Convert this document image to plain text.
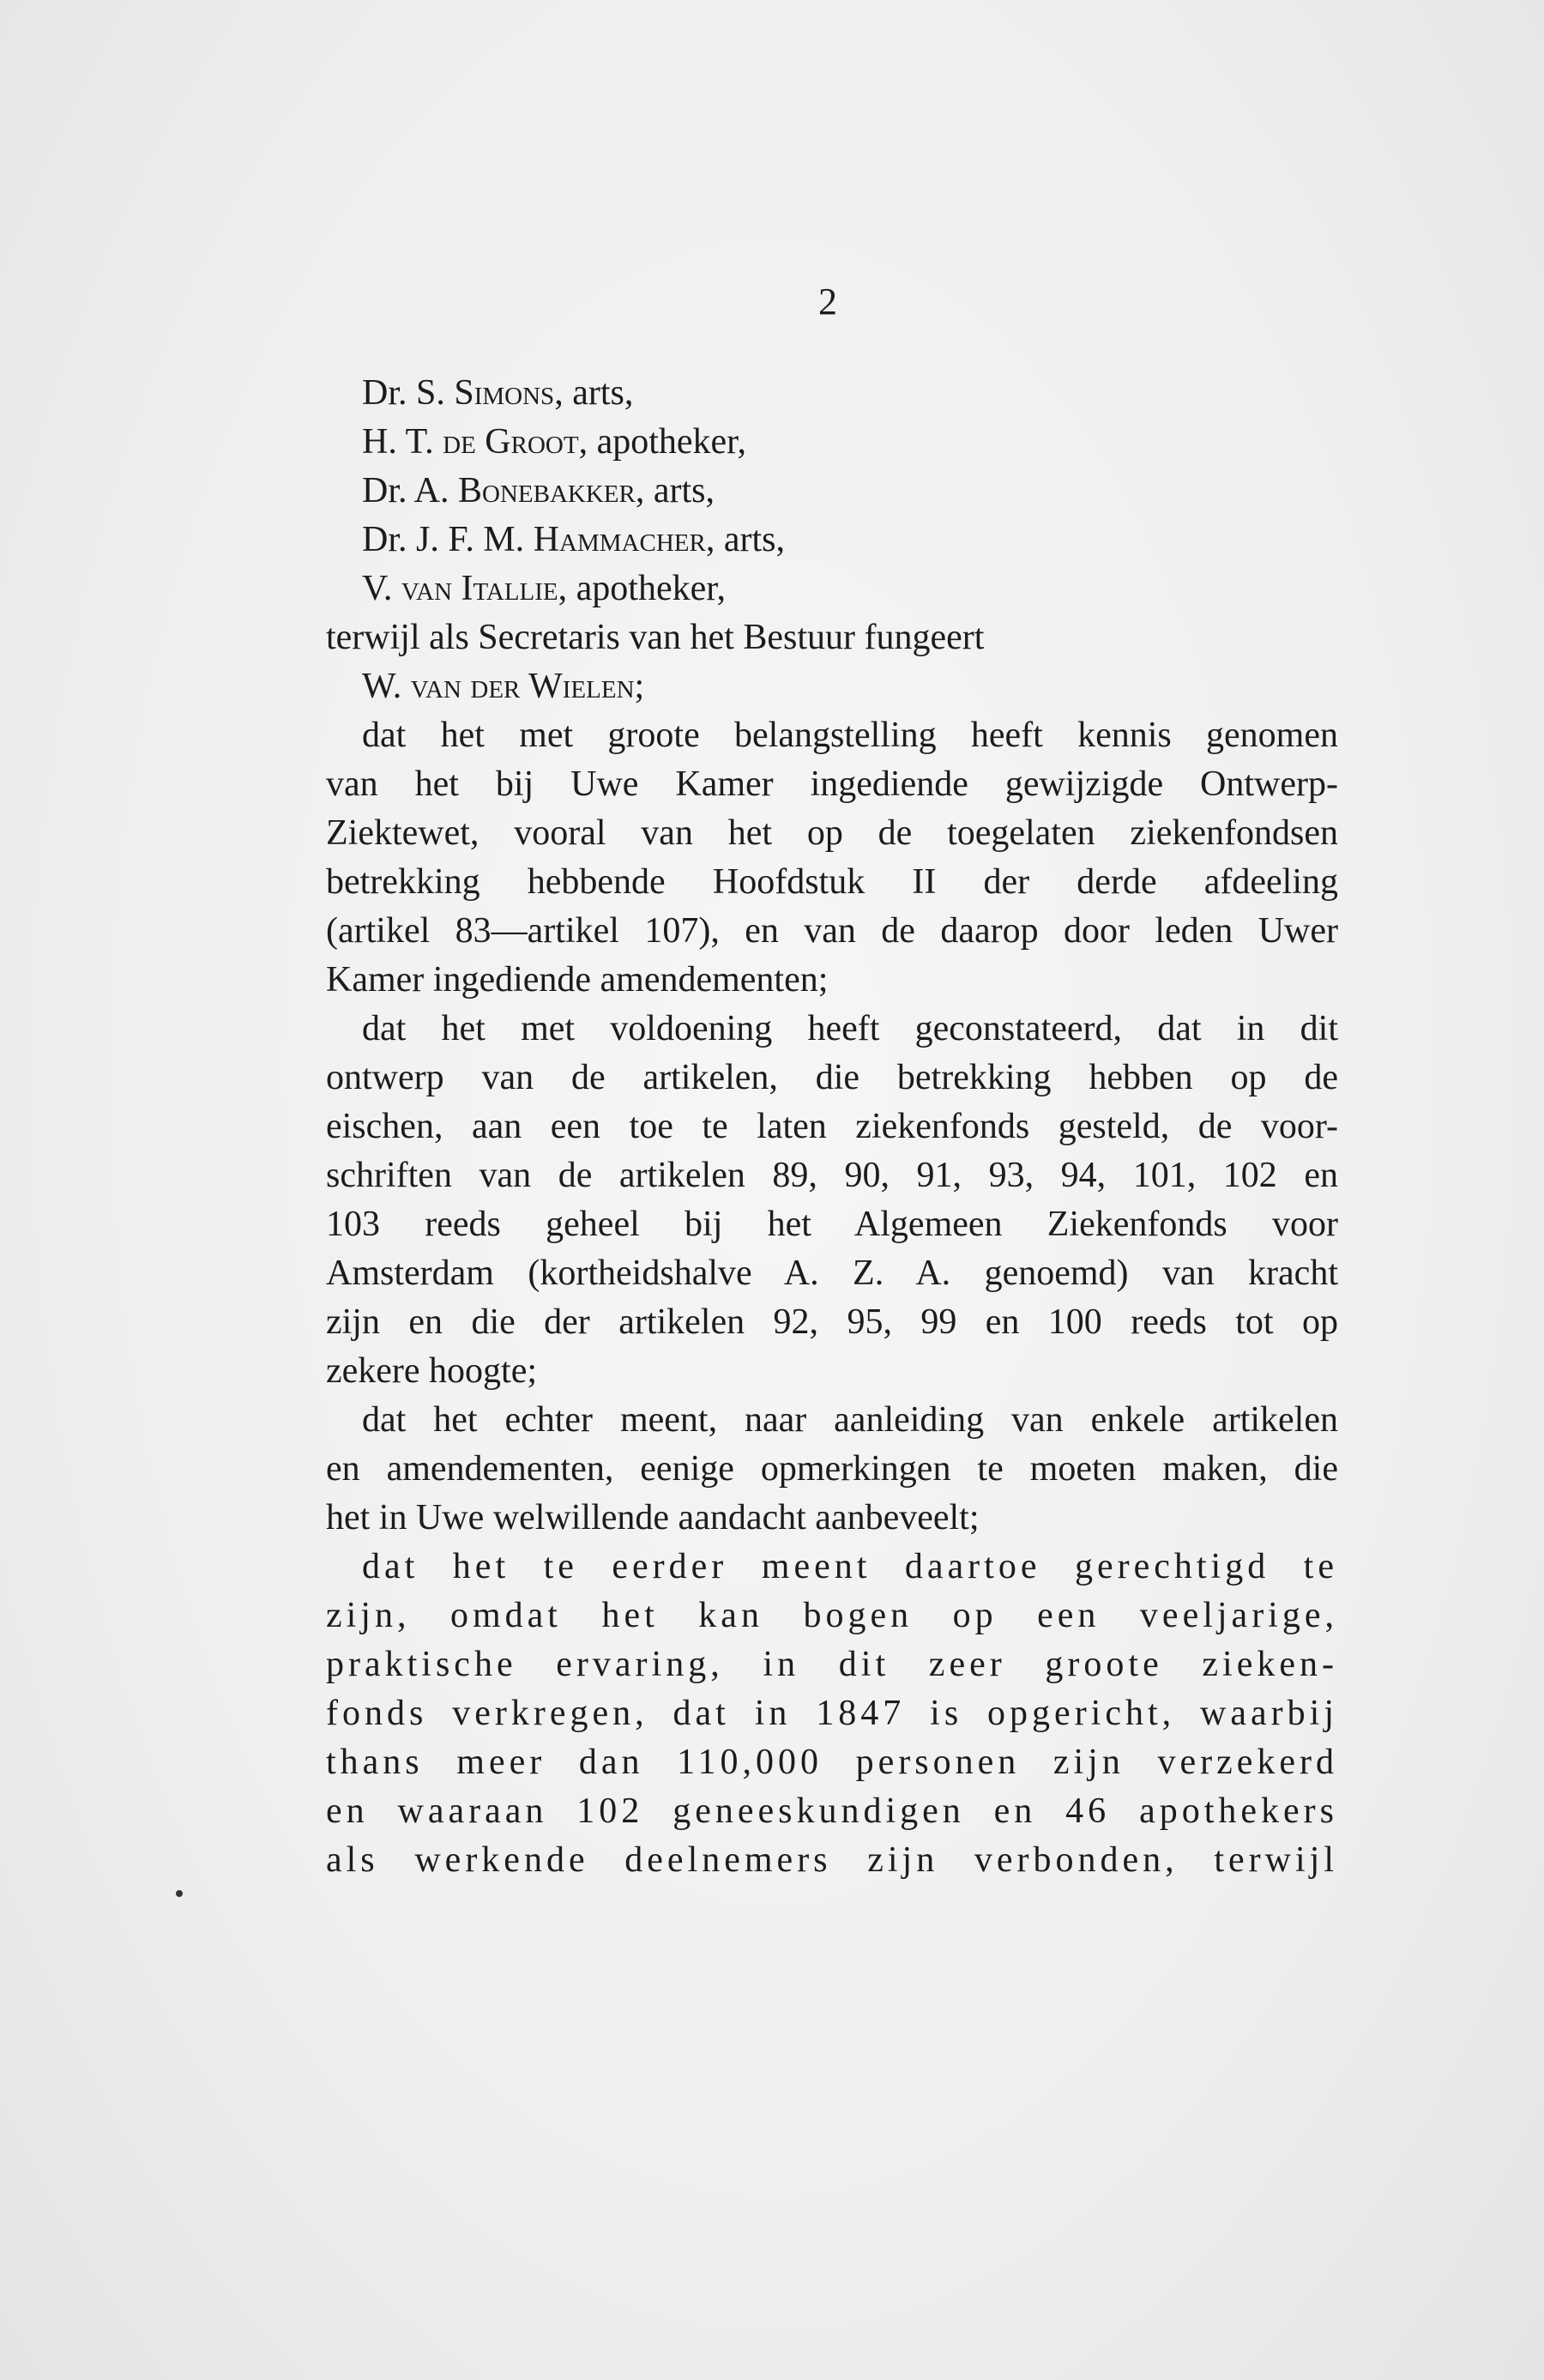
2
Dr. S. Simons, arts,
H. T. de Groot, apotheker,
Dr. A. Bonebakker, arts,
Dr. J. F. M. Hammacher, arts,
V. van Itallie, apotheker,
terwijl als Secretaris van het Bestuur fungeert
W. van der Wielen;
dat het met groote belangstelling heeft kennis genomen
van het bij Uwe Kamer ingediende gewijzigde Ontwerp-
Ziektewet, vooral van het op de toegelaten ziekenfondsen
betrekking hebbende Hoofdstuk II der derde afdeeling
(artikel 83—artikel 107), en van de daarop door leden Uwer
Kamer ingediende amendementen;
dat het met voldoening heeft geconstateerd, dat in dit
ontwerp van de artikelen, die betrekking hebben op de
eischen, aan een toe te laten ziekenfonds gesteld, de voor-
schriften van de artikelen 89, 90, 91, 93, 94, 101, 102 en
103 reeds geheel bij het Algemeen Ziekenfonds voor
Amsterdam (kortheidshalve A. Z. A. genoemd) van kracht
zijn en die der artikelen 92, 95, 99 en 100 reeds tot op
zekere hoogte;
dat het echter meent, naar aanleiding van enkele artikelen
en amendementen, eenige opmerkingen te moeten maken, die
het in Uwe welwillende aandacht aanbeveelt;
dat het te eerder meent daartoe gerechtigd te
zijn, omdat het kan bogen op een veeljarige,
praktische ervaring, in dit zeer groote zieken-
fonds verkregen, dat in 1847 is opgericht, waarbij
thans meer dan 110,000 personen zijn verzekerd
en waaraan 102 geneeskundigen en 46 apothekers
als werkende deelnemers zijn verbonden, terwijl
